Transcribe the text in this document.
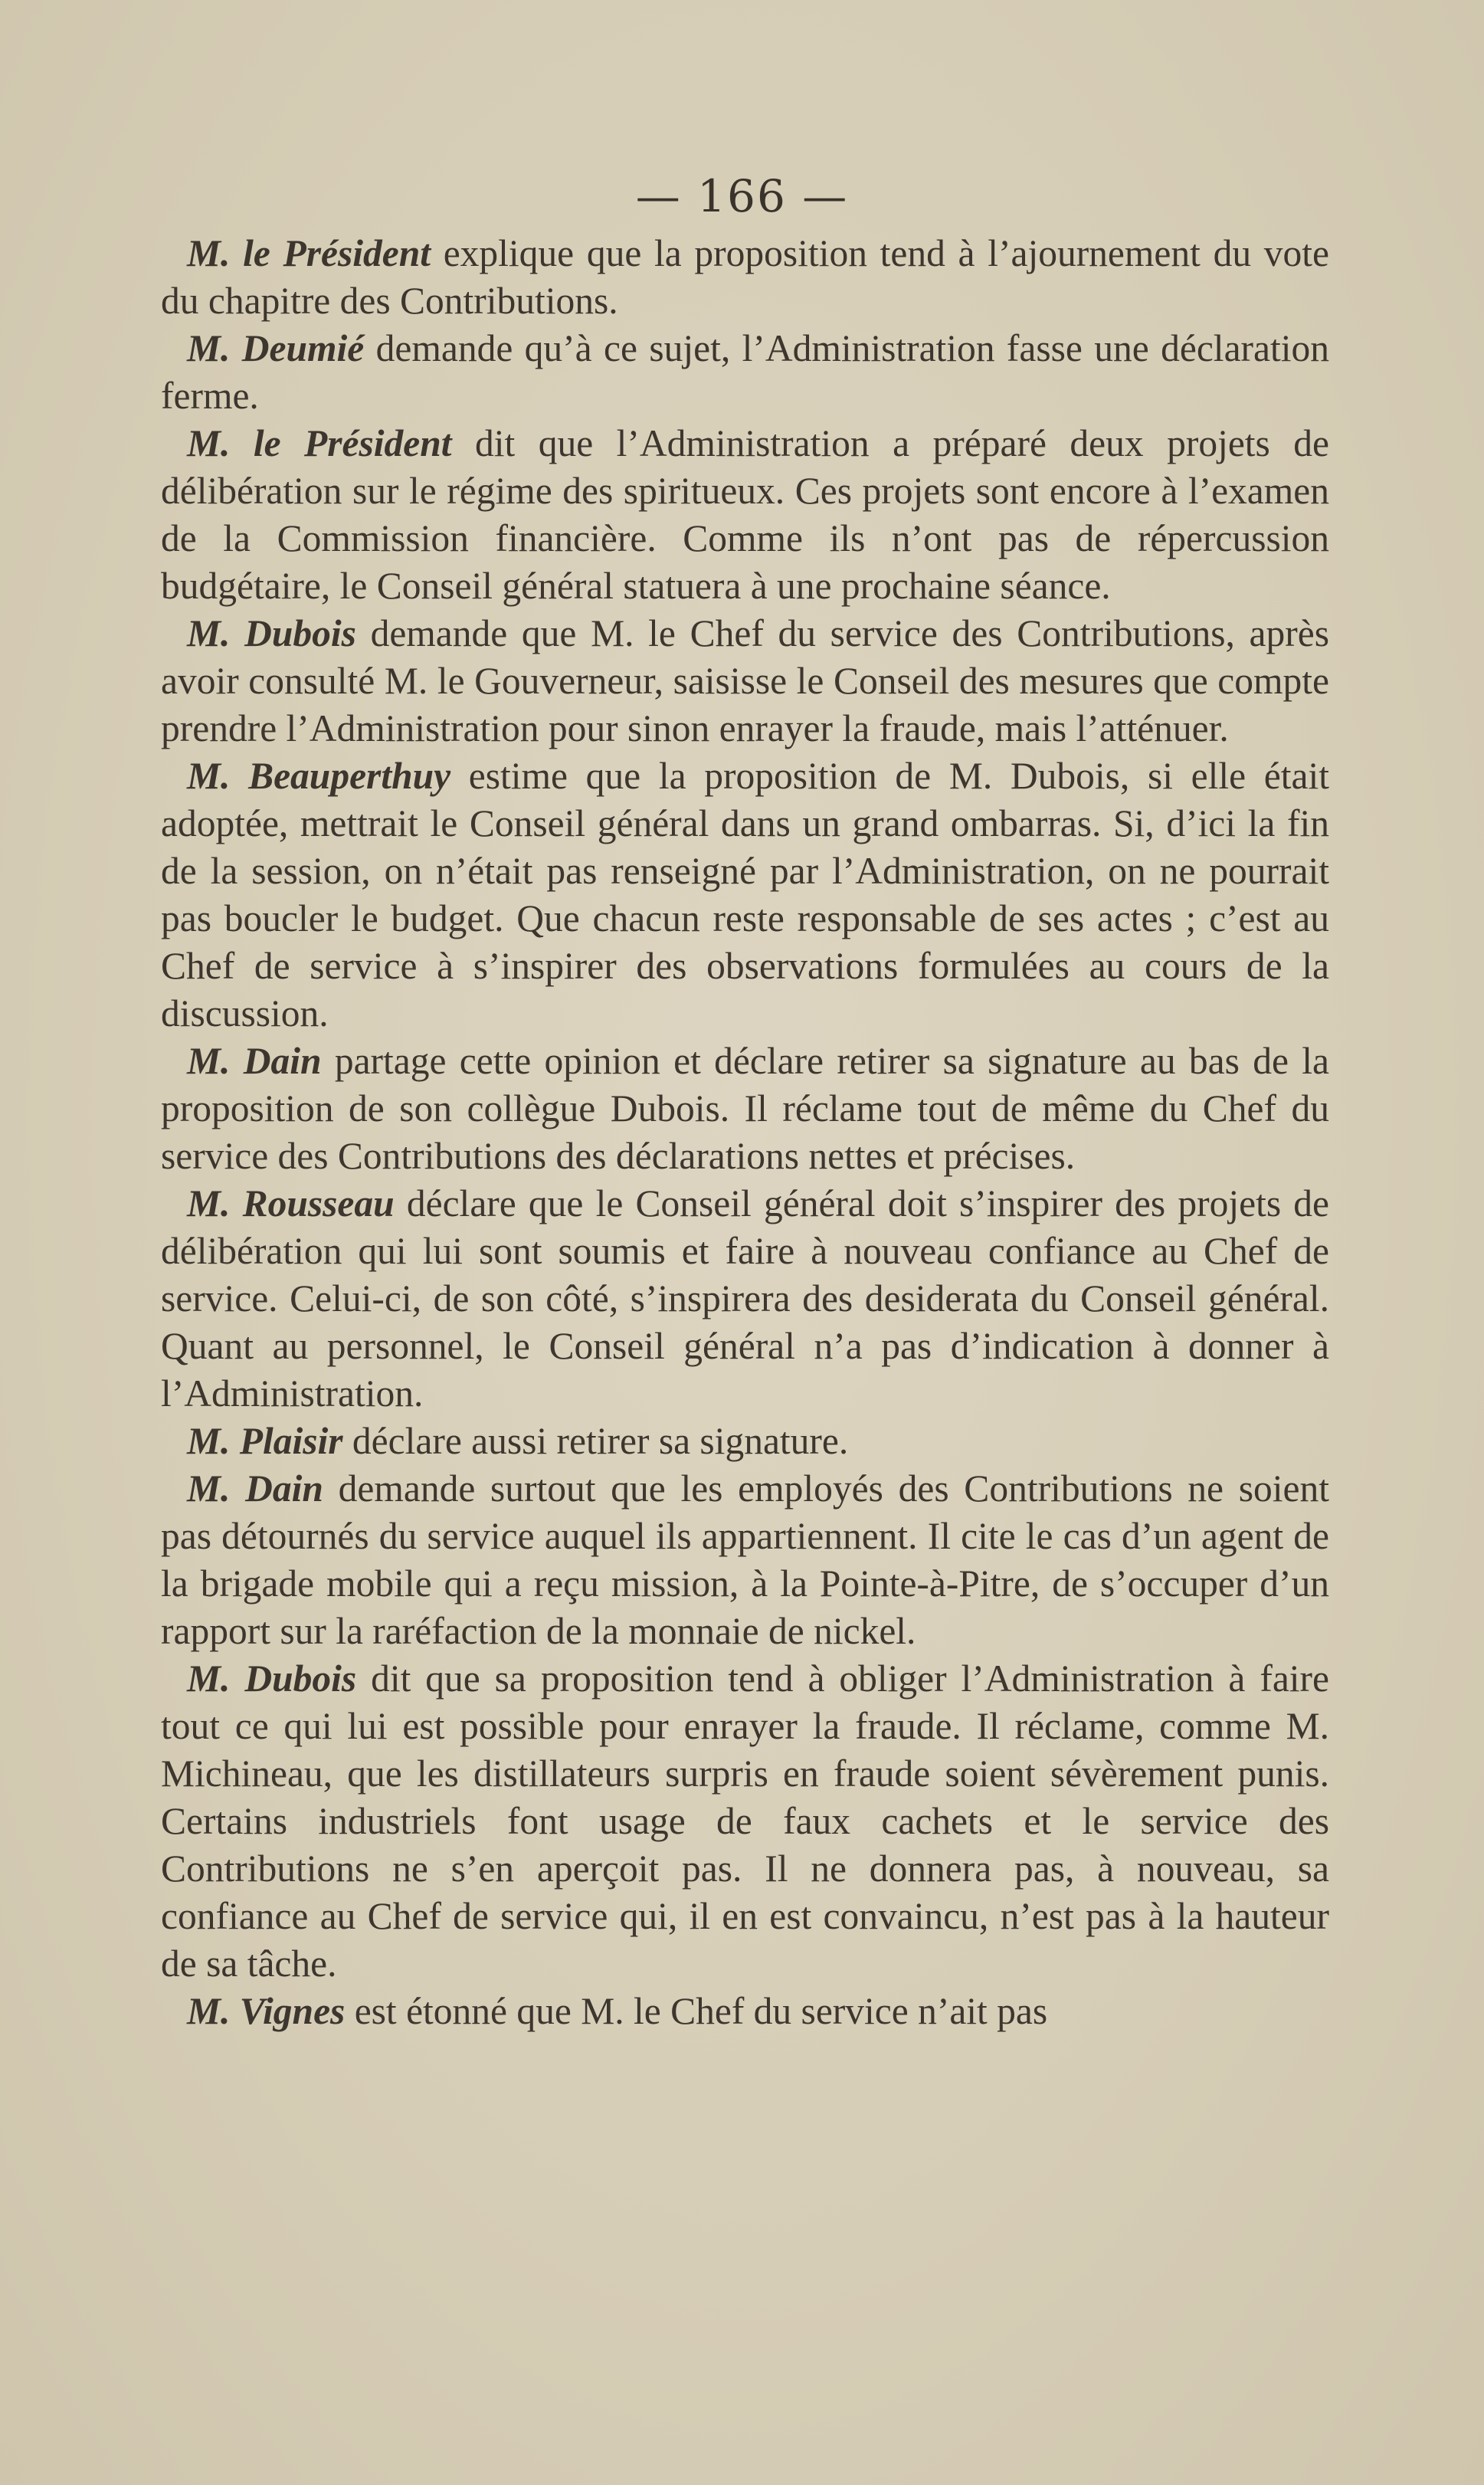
— 166 —

M. le Président explique que la proposition tend à l’ajournement du vote du chapitre des Contributions.

M. Deumié demande qu’à ce sujet, l’Administration fasse une déclaration ferme.

M. le Président dit que l’Administration a préparé deux projets de délibération sur le régime des spiritueux. Ces projets sont encore à l’examen de la Commission financière. Comme ils n’ont pas de répercussion budgétaire, le Conseil général statuera à une prochaine séance.

M. Dubois demande que M. le Chef du service des Contributions, après avoir consulté M. le Gouverneur, saisisse le Conseil des mesures que compte prendre l’Administration pour sinon enrayer la fraude, mais l’atténuer.

M. Beauperthuy estime que la proposition de M. Dubois, si elle était adoptée, mettrait le Conseil général dans un grand ombarras. Si, d’ici la fin de la session, on n’était pas renseigné par l’Administration, on ne pourrait pas boucler le budget. Que chacun reste responsable de ses actes ; c’est au Chef de service à s’inspirer des observations formulées au cours de la discussion.

M. Dain partage cette opinion et déclare retirer sa signature au bas de la proposition de son collègue Dubois. Il réclame tout de même du Chef du service des Contributions des déclarations nettes et précises.

M. Rousseau déclare que le Conseil général doit s’inspirer des projets de délibération qui lui sont soumis et faire à nouveau confiance au Chef de service. Celui-ci, de son côté, s’inspirera des desiderata du Conseil général. Quant au personnel, le Conseil général n’a pas d’indication à donner à l’Administration.

M. Plaisir déclare aussi retirer sa signature.

M. Dain demande surtout que les employés des Contributions ne soient pas détournés du service auquel ils appartiennent. Il cite le cas d’un agent de la brigade mobile qui a reçu mission, à la Pointe-à-Pitre, de s’occuper d’un rapport sur la raréfaction de la monnaie de nickel.

M. Dubois dit que sa proposition tend à obliger l’Administration à faire tout ce qui lui est possible pour enrayer la fraude. Il réclame, comme M. Michineau, que les distillateurs surpris en fraude soient sévèrement punis. Certains industriels font usage de faux cachets et le service des Contributions ne s’en aperçoit pas. Il ne donnera pas, à nouveau, sa confiance au Chef de service qui, il en est convaincu, n’est pas à la hauteur de sa tâche.

M. Vignes est étonné que M. le Chef du service n’ait pas
